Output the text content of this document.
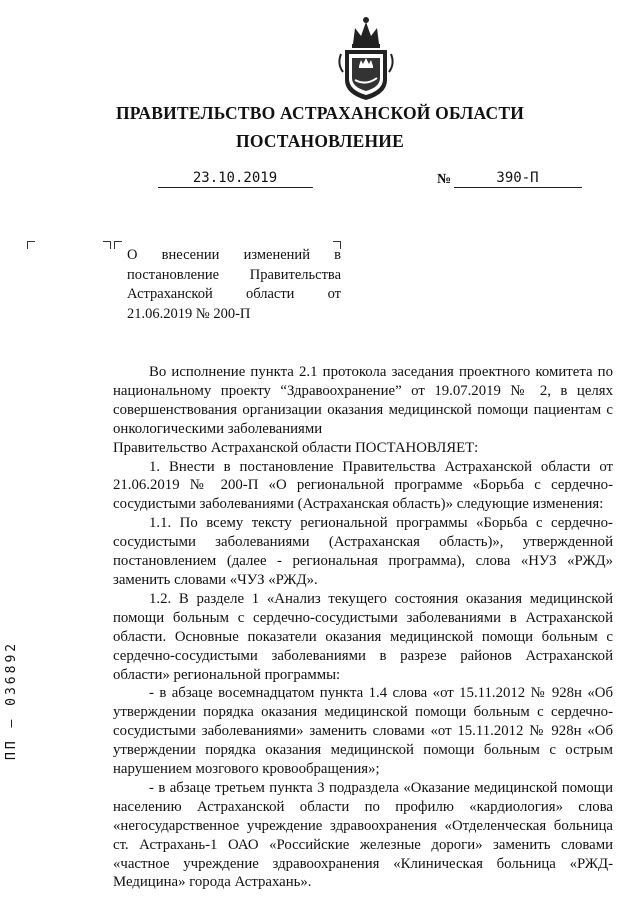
ПРАВИТЕЛЬСТВО АСТРАХАНСКОЙ ОБЛАСТИ
ПОСТАНОВЛЕНИЕ
23.10.2019	№	390-П
О внесении изменений в постановление Правительства Астраханской области от 21.06.2019 № 200-П

Во исполнение пункта 2.1 протокола заседания проектного комитета по национальному проекту “Здравоохранение” от 19.07.2019 № 2, в целях совершенствования организации оказания медицинской помощи пациентам с онкологическими заболеваниями

Правительство Астраханской области ПОСТАНОВЛЯЕТ:

1. Внести в постановление Правительства Астраханской области от 21.06.2019 № 200-П «О региональной программе «Борьба с сердечно-сосудистыми заболеваниями (Астраханская область)» следующие изменения:

1.1. По всему тексту региональной программы «Борьба с сердечно-сосудистыми заболеваниями (Астраханская область)», утвержденной постановлением (далее - региональная программа), слова «НУЗ «РЖД» заменить словами «ЧУЗ «РЖД».

1.2. В разделе 1 «Анализ текущего состояния оказания медицинской помощи больным с сердечно-сосудистыми заболеваниями в Астраханской области. Основные показатели оказания медицинской помощи больным с сердечно-сосудистыми заболеваниями в разрезе районов Астраханской области» региональной программы:

- в абзаце восемнадцатом пункта 1.4 слова «от 15.11.2012 № 928н «Об утверждении порядка оказания медицинской помощи больным с сердечно-сосудистыми заболеваниями» заменить словами «от 15.11.2012 № 928н «Об утверждении порядка оказания медицинской помощи больным с острым нарушением мозгового кровообращения»;

- в абзаце третьем пункта 3 подраздела «Оказание медицинской помощи населению Астраханской области по профилю «кардиология» слова «негосударственное учреждение здравоохранения «Отделенческая больница ст. Астрахань-1 ОАО «Российские железные дороги» заменить словами «частное учреждение здравоохранения «Клиническая больница «РЖД-Медицина» города Астрахань».

ПП – 036892
